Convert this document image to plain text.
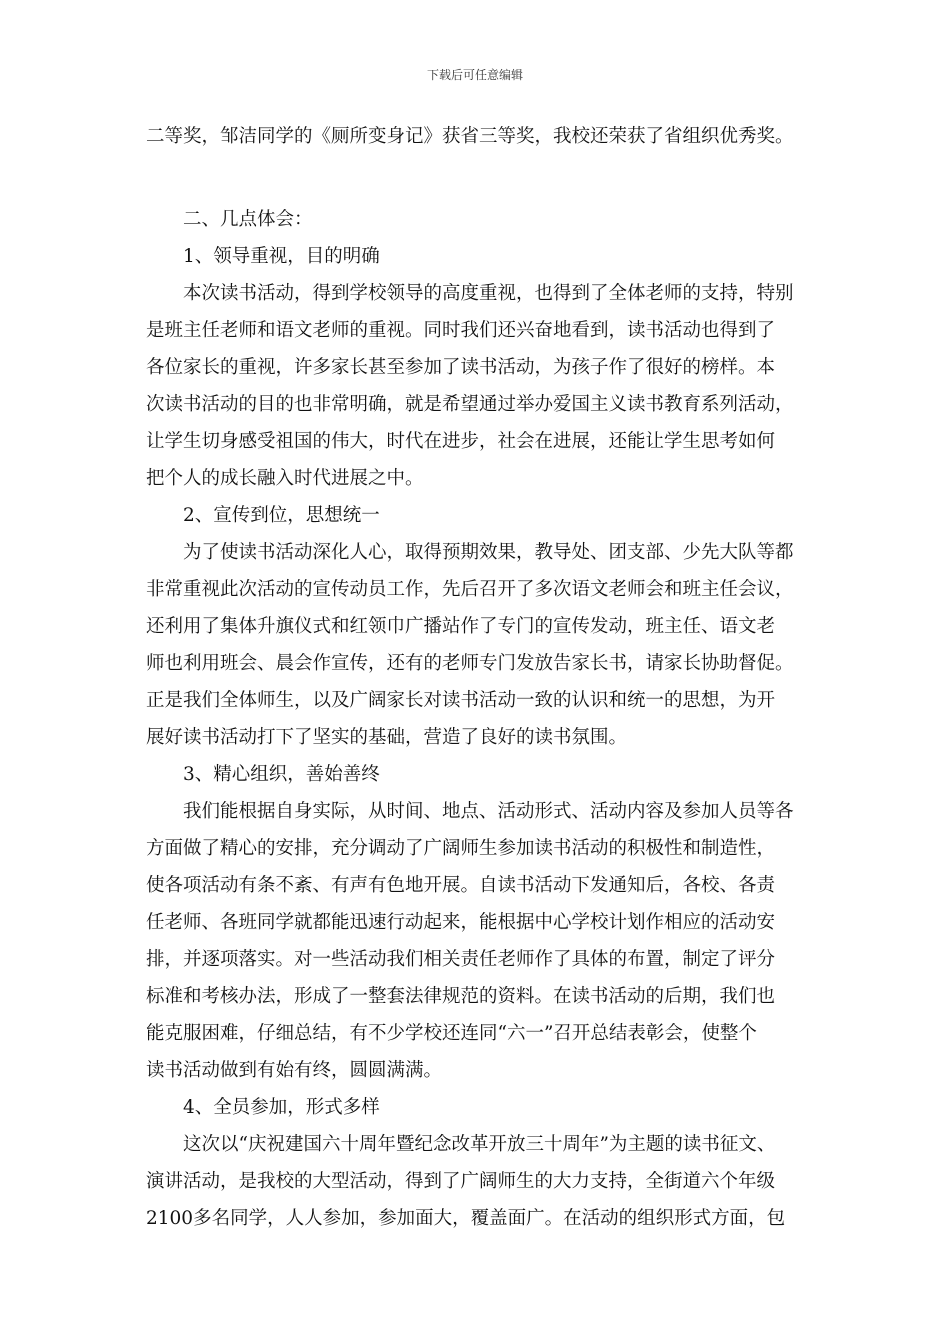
下载后可任意编辑
二等奖，邹洁同学的《厕所变身记》获省三等奖，我校还荣获了省组织优秀奖。
二、几点体会：
1、领导重视，目的明确
本次读书活动，得到学校领导的高度重视，也得到了全体老师的支持，特别
是班主任老师和语文老师的重视。同时我们还兴奋地看到，读书活动也得到了
各位家长的重视，许多家长甚至参加了读书活动，为孩子作了很好的榜样。本
次读书活动的目的也非常明确，就是希望通过举办爱国主义读书教育系列活动，
让学生切身感受祖国的伟大，时代在进步，社会在进展，还能让学生思考如何
把个人的成长融入时代进展之中。
2、宣传到位，思想统一
为了使读书活动深化人心，取得预期效果，教导处、团支部、少先大队等都
非常重视此次活动的宣传动员工作，先后召开了多次语文老师会和班主任会议，
还利用了集体升旗仪式和红领巾广播站作了专门的宣传发动，班主任、语文老
师也利用班会、晨会作宣传，还有的老师专门发放告家长书，请家长协助督促。
正是我们全体师生，以及广阔家长对读书活动一致的认识和统一的思想，为开
展好读书活动打下了坚实的基础，营造了良好的读书氛围。
3、精心组织，善始善终
我们能根据自身实际，从时间、地点、活动形式、活动内容及参加人员等各
方面做了精心的安排，充分调动了广阔师生参加读书活动的积极性和制造性，
使各项活动有条不紊、有声有色地开展。自读书活动下发通知后，各校、各责
任老师、各班同学就都能迅速行动起来，能根据中心学校计划作相应的活动安
排，并逐项落实。对一些活动我们相关责任老师作了具体的布置，制定了评分
标准和考核办法，形成了一整套法律规范的资料。在读书活动的后期，我们也
能克服困难，仔细总结，有不少学校还连同“六一”召开总结表彰会，使整个
读书活动做到有始有终，圆圆满满。
4、全员参加，形式多样
这次以“庆祝建国六十周年暨纪念改革开放三十周年”为主题的读书征文、
演讲活动，是我校的大型活动，得到了广阔师生的大力支持，全街道六个年级
2100多名同学，人人参加，参加面大，覆盖面广。在活动的组织形式方面，包
